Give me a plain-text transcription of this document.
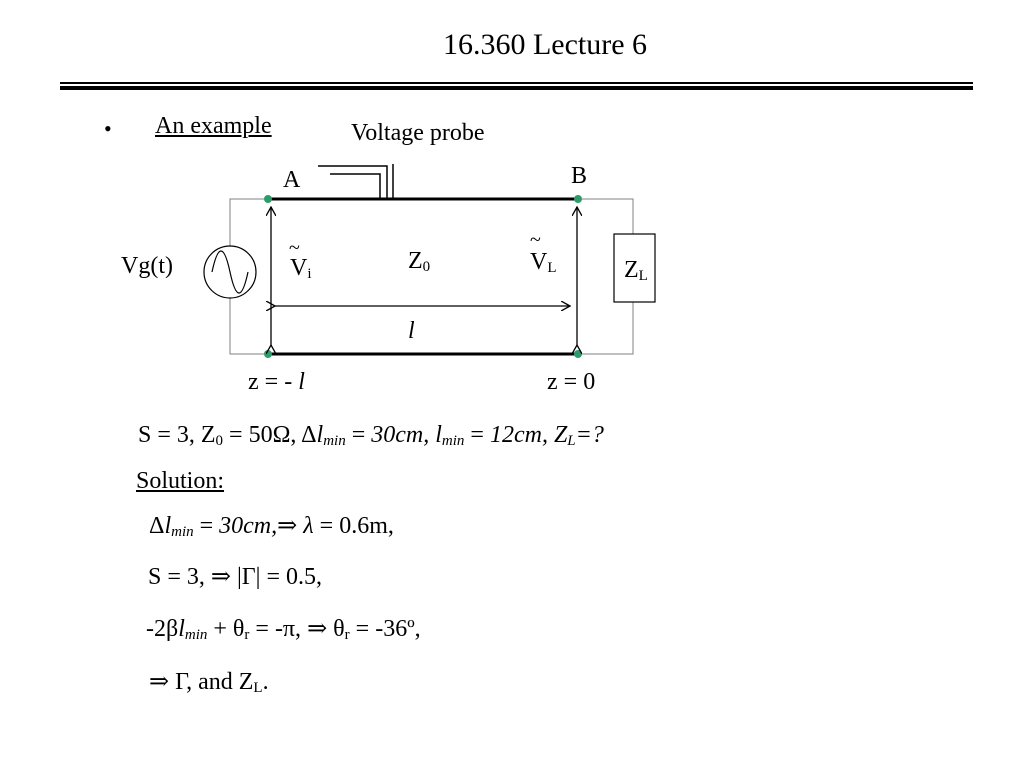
16.360 Lecture 6
• An example	Voltage probe
A	B
Vg(t)
~
$V_i$	$Z_0$
~
$V_L$	$Z_L$
l
z = - l	z = 0
S = 3, Z0 = 50Ω, Δlmin = 30cm, lmin = 12cm, ZL=?
Solution:
Δlmin = 30cm,⇒ λ = 0.6m,
S = 3, ⇒ |Γ| = 0.5,
-2βlmin + θr = -π, ⇒ θr = -36º,
⇒ Γ, and ZL.
